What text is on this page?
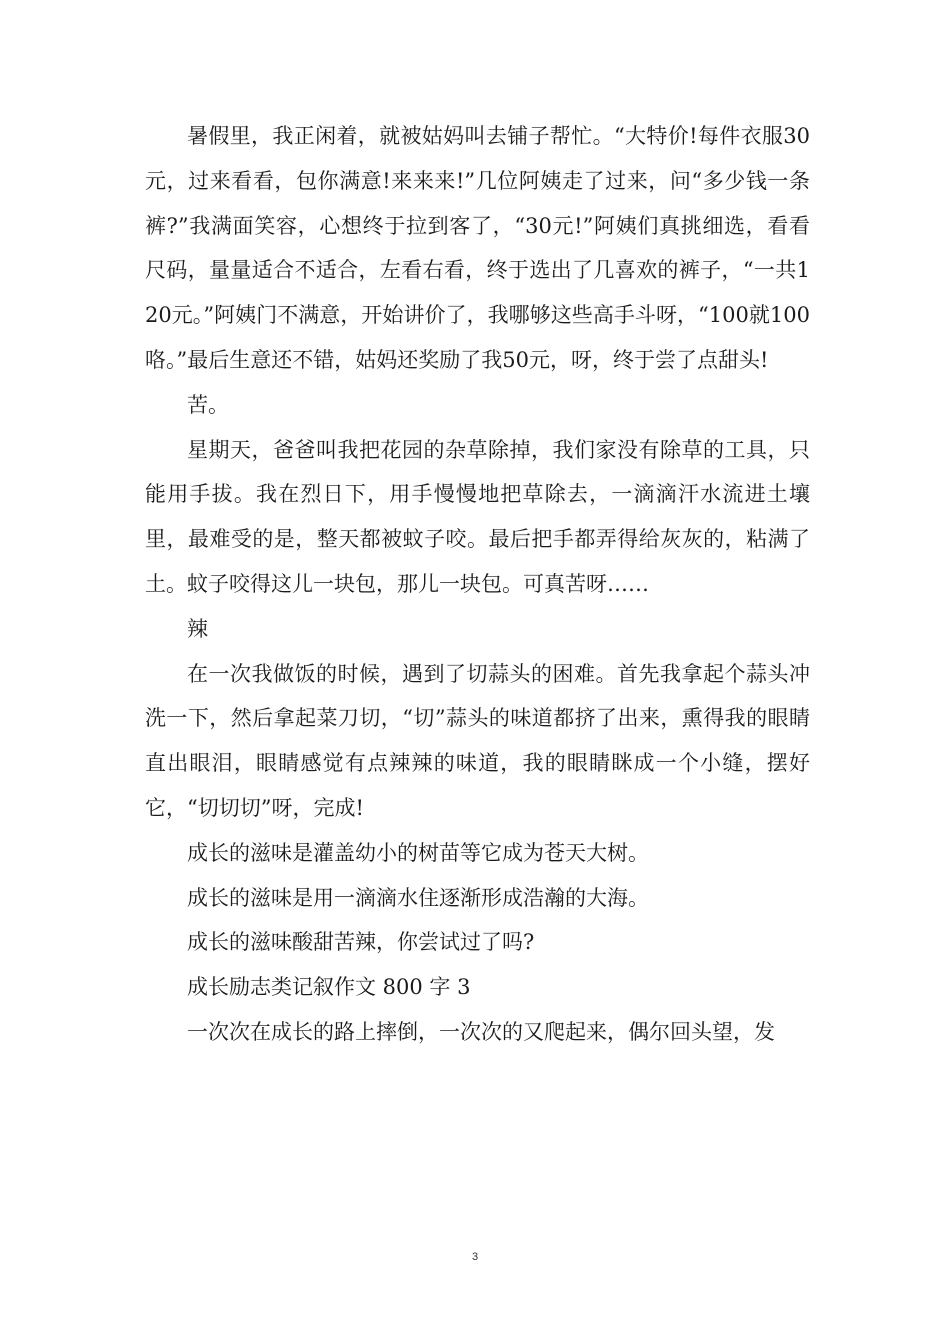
暑假里，我正闲着，就被姑妈叫去铺子帮忙。“大特价!每件衣服30 元，过来看看，包你满意!来来来!”几位阿姨走了过来，问“多少钱一条裤?”我满面笑容，心想终于拉到客了，“30元!”阿姨们真挑细选，看看尺码，量量适合不适合，左看右看，终于选出了几喜欢的裤子，“一共120元。”阿姨门不满意，开始讲价了，我哪够这些高手斗呀，“100就100咯。”最后生意还不错，姑妈还奖励了我50元，呀，终于尝了点甜头!

苦。

星期天，爸爸叫我把花园的杂草除掉，我们家没有除草的工具，只能用手拔。我在烈日下，用手慢慢地把草除去，一滴滴汗水流进土壤里，最难受的是，整天都被蚊子咬。最后把手都弄得给灰灰的，粘满了土。蚊子咬得这儿一块包，那儿一块包。可真苦呀……

辣

在一次我做饭的时候，遇到了切蒜头的困难。首先我拿起个蒜头冲洗一下，然后拿起菜刀切，“切”蒜头的味道都挤了出来，熏得我的眼睛直出眼泪，眼睛感觉有点辣辣的味道，我的眼睛眯成一个小缝，摆好它，“切切切”呀，完成!

成长的滋味是灌盖幼小的树苗等它成为苍天大树。

成长的滋味是用一滴滴水住逐渐形成浩瀚的大海。

成长的滋味酸甜苦辣，你尝试过了吗?

成长励志类记叙作文 800 字 3

一次次在成长的路上摔倒，一次次的又爬起来，偶尔回头望，发

3
